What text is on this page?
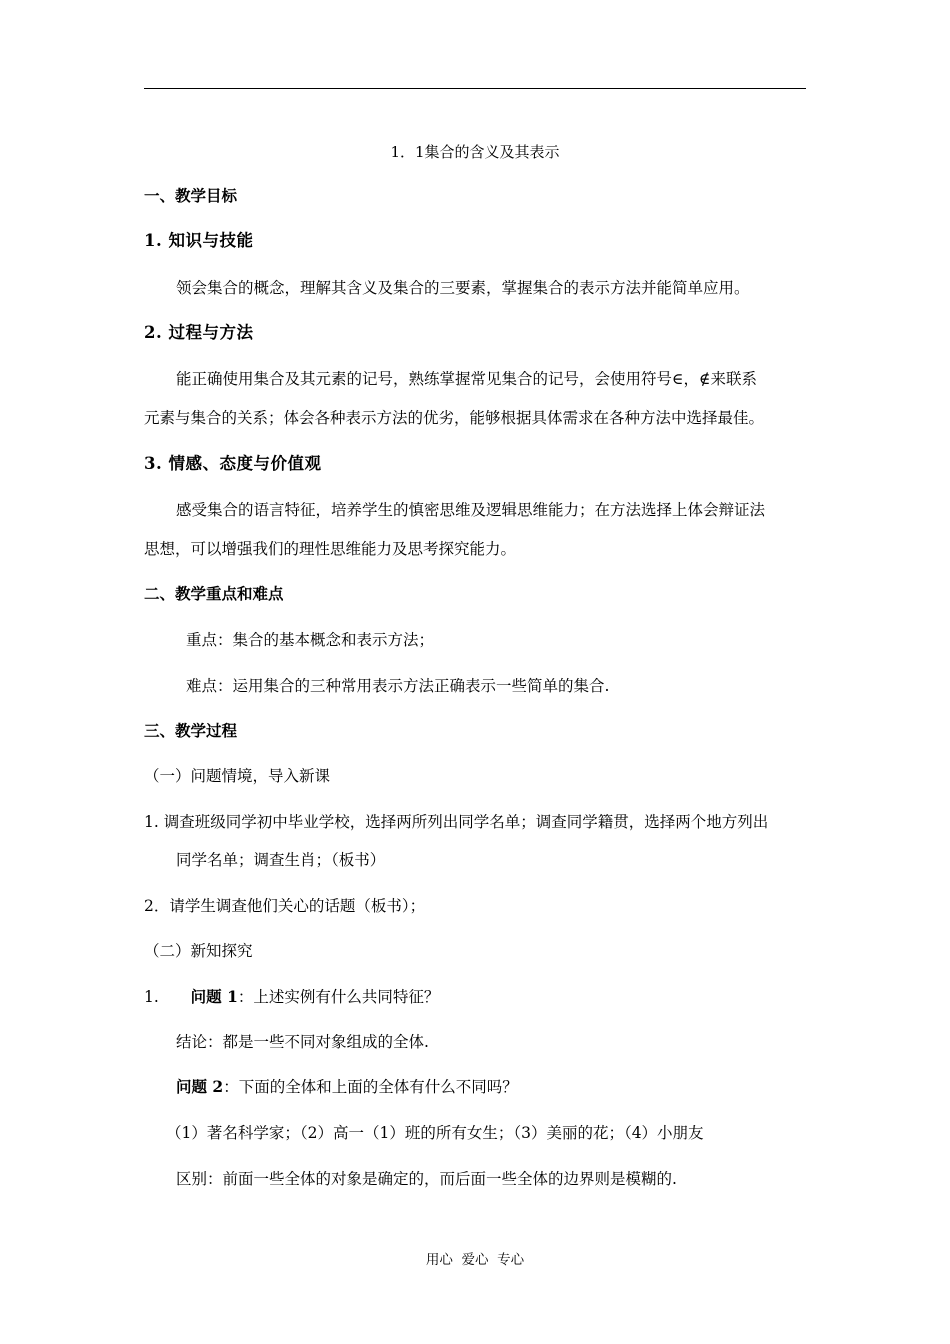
1．1集合的含义及其表示
一、教学目标
1. 知识与技能
领会集合的概念，理解其含义及集合的三要素，掌握集合的表示方法并能简单应用。
2. 过程与方法
能正确使用集合及其元素的记号，熟练掌握常见集合的记号，会使用符号∈，∉来联系
元素与集合的关系；体会各种表示方法的优劣，能够根据具体需求在各种方法中选择最佳。
3. 情感、态度与价值观
感受集合的语言特征，培养学生的慎密思维及逻辑思维能力；在方法选择上体会辩证法
思想，可以增强我们的理性思维能力及思考探究能力。
二、教学重点和难点
重点：集合的基本概念和表示方法；
难点：运用集合的三种常用表示方法正确表示一些简单的集合.
三、教学过程
（一）问题情境，导入新课
1. 调查班级同学初中毕业学校，选择两所列出同学名单；调查同学籍贯，选择两个地方列出
同学名单；调查生肖；（板书）
2．请学生调查他们关心的话题（板书）；
（二）新知探究
1. 问题 1：上述实例有什么共同特征？
结论：都是一些不同对象组成的全体.
问题 2：下面的全体和上面的全体有什么不同吗？
（1）著名科学家；（2）高一（1）班的所有女生；（3）美丽的花；（4）小朋友
区别：前面一些全体的对象是确定的，而后面一些全体的边界则是模糊的.
用心  爱心  专心
